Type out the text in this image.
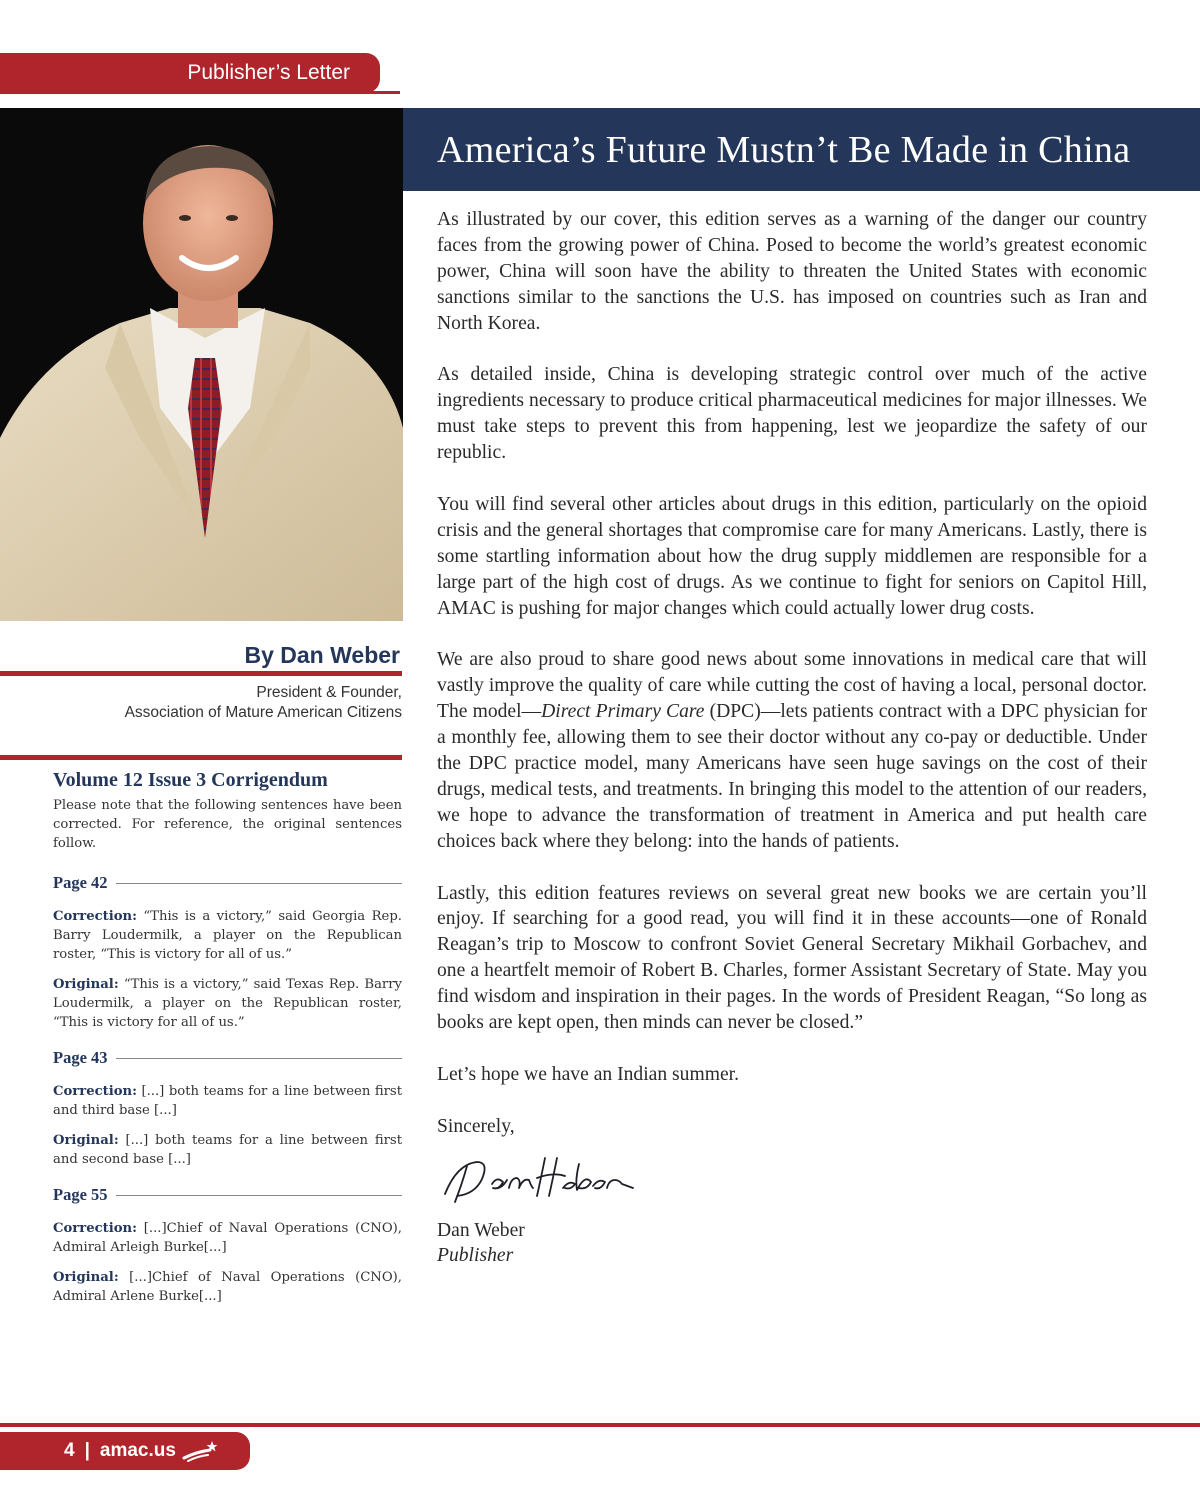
Publisher’s Letter
America’s Future Mustn’t Be Made in China
By Dan Weber
President & Founder,
Association of Mature American Citizens
Volume 12 Issue 3 Corrigendum
Please note that the following sentences have been corrected. For reference, the original sentences follow.
Page 42
Correction: “This is a victory,” said Georgia Rep. Barry Loudermilk, a player on the Republican roster, “This is victory for all of us.”
Original: “This is a victory,” said Texas Rep. Barry Loudermilk, a player on the Republican roster, “This is victory for all of us.”
Page 43
Correction: [...] both teams for a line between first and third base [...]
Original: [...] both teams for a line between first and second base [...]
Page 55
Correction: [...]Chief of Naval Operations (CNO), Admiral Arleigh Burke[...]
Original: [...]Chief of Naval Operations (CNO), Admiral Arlene Burke[...]

As illustrated by our cover, this edition serves as a warning of the danger our country faces from the growing power of China. Posed to become the world’s greatest economic power, China will soon have the ability to threaten the United States with economic sanctions similar to the sanctions the U.S. has imposed on countries such as Iran and North Korea.

As detailed inside, China is developing strategic control over much of the active ingredients necessary to produce critical pharmaceutical medicines for major illnesses. We must take steps to prevent this from happening, lest we jeopardize the safety of our republic.

You will find several other articles about drugs in this edition, particularly on the opioid crisis and the general shortages that compromise care for many Americans. Lastly, there is some startling information about how the drug supply middlemen are responsible for a large part of the high cost of drugs. As we continue to fight for seniors on Capitol Hill, AMAC is pushing for major changes which could actually lower drug costs.

We are also proud to share good news about some innovations in medical care that will vastly improve the quality of care while cutting the cost of having a local, personal doctor. The model—Direct Primary Care (DPC)—lets patients contract with a DPC physician for a monthly fee, allowing them to see their doctor without any co-pay or deductible. Under the DPC practice model, many Americans have seen huge savings on the cost of their drugs, medical tests, and treatments. In bringing this model to the attention of our readers, we hope to advance the transformation of treatment in America and put health care choices back where they belong: into the hands of patients.

Lastly, this edition features reviews on several great new books we are certain you’ll enjoy. If searching for a good read, you will find it in these accounts—one of Ronald Reagan’s trip to Moscow to confront Soviet General Secretary Mikhail Gorbachev, and one a heartfelt memoir of Robert B. Charles, former Assistant Secretary of State. May you find wisdom and inspiration in their pages. In the words of President Reagan, “So long as books are kept open, then minds can never be closed.”

Let’s hope we have an Indian summer.

Sincerely,

Dan Weber
Publisher
4 | amac.us
